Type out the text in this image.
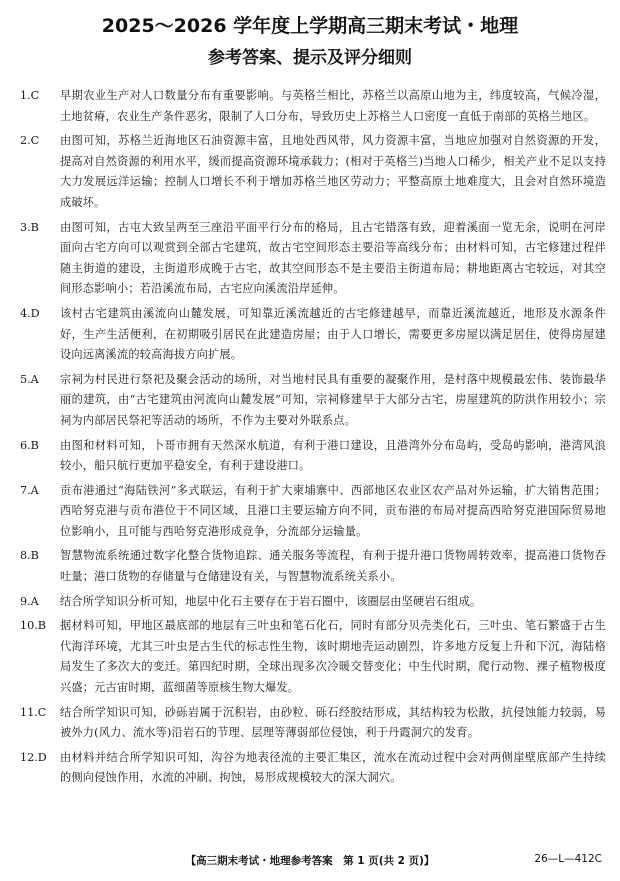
2025～2026 学年度上学期高三期末考试・地理
参考答案、提示及评分细则
1.C	早期农业生产对人口数量分布有重要影响。与英格兰相比，苏格兰以高原山地为主，纬度较高，气候冷湿，土地贫瘠，农业生产条件恶劣，限制了人口分布，导致历史上苏格兰人口密度一直低于南部的英格兰地区。
2.C	由图可知，苏格兰近海地区石油资源丰富，且地处西风带，风力资源丰富，当地应加强对自然资源的开发，提高对自然资源的利用水平，缓而提高资源环境承载力；(相对于英格兰)当地人口稀少，相关产业不足以支持大力发展远洋运输；控制人口增长不利于增加苏格兰地区劳动力；平整高原土地难度大，且会对自然环境造成破坏。
3.B	由图可知，古屯大致呈两至三座沿平面平行分布的格局，且古宅错落有致，迎着溪面一览无余，说明在河岸面向古宅方向可以观赏到全部古宅建筑，故古宅空间形态主要沿等高线分布；由材料可知，古宅修建过程伴随主街道的建设，主街道形成晚于古宅，故其空间形态不是主要沿主街道布局；耕地距离古宅较远，对其空间形态影响小；若沿溪流布局，古宅应向溪流沿岸延伸。
4.D	该村古宅建筑由溪流向山麓发展，可知靠近溪流越近的古宅修建越早，而靠近溪流越近，地形及水源条件好，生产生活便利，在初期吸引居民在此建造房屋；由于人口增长，需要更多房屋以满足居住，使得房屋建设向远离溪流的较高海拔方向扩展。
5.A	宗祠为村民进行祭祀及聚会活动的场所，对当地村民具有重要的凝聚作用，是村落中规模最宏伟、装饰最华丽的建筑，由“古宅建筑由河流向山麓发展”可知，宗祠修建早于大部分古宅，房屋建筑的防洪作用较小；宗祠为内部居民祭祀等活动的场所，不作为主要对外联系点。
6.B	由图和材料可知，卜哥市拥有天然深水航道，有利于港口建设，且港湾外分布岛屿，受岛屿影响，港湾风浪较小，船只航行更加平稳安全，有利于建设港口。
7.A	贡布港通过“海陆铁河”多式联运，有利于扩大柬埔寨中、西部地区农业区农产品对外运输，扩大销售范围；西哈努克港与贡布港位于不同区域，且港口主要运输方向不同，贡布港的布局对提高西哈努克港国际贸易地位影响小，且可能与西哈努克港形成竞争，分流部分运输量。
8.B	智慧物流系统通过数字化整合货物追踪、通关服务等流程，有利于提升港口货物周转效率，提高港口货物吞吐量；港口货物的存储量与仓储建设有关，与智慧物流系统关系小。
9.A	结合所学知识分析可知，地层中化石主要存在于岩石圈中，该圈层由坚硬岩石组成。
10.B	据材料可知，甲地区最底部的地层有三叶虫和笔石化石，同时有部分贝壳类化石，三叶虫、笔石繁盛于古生代海洋环境，尤其三叶虫是古生代的标志性生物，该时期地壳运动剧烈，许多地方反复上升和下沉，海陆格局发生了多次大的变迁。第四纪时期，全球出现多次冷暖交替变化；中生代时期，爬行动物、裸子植物极度兴盛；元古宙时期，蓝细菌等原核生物大爆发。
11.C	结合所学知识可知，砂砾岩属于沉积岩，由砂粒、砾石经胶结形成，其结构较为松散，抗侵蚀能力较弱，易被外力(风力、流水等)沿岩石的节理、层理等薄弱部位侵蚀，利于丹霞洞穴的发育。
12.D	由材料并结合所学知识可知，沟谷为地表径流的主要汇集区，流水在流动过程中会对两侧崖壁底部产生持续的侧向侵蚀作用，水流的冲刷、拘蚀，易形成规模较大的深大洞穴。
【高三期末考试・地理参考答案　第 1 页(共 2 页)】	26—L—412C
